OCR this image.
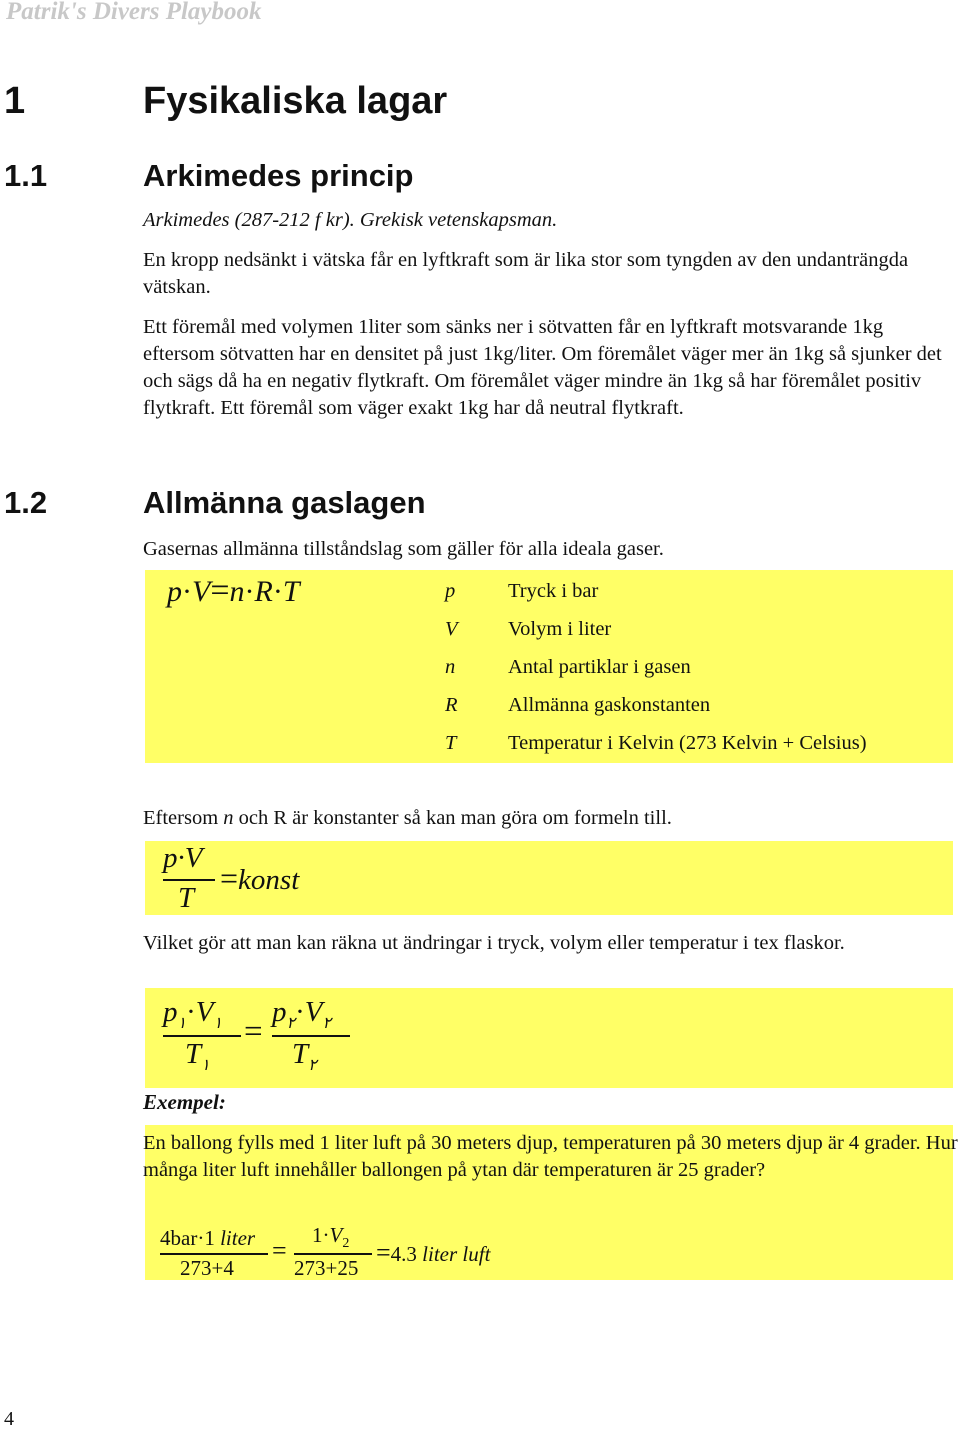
Patrik's Divers Playbook
1	Fysikaliska lagar
1.1	Arkimedes princip

Arkimedes (287-212 f kr). Grekisk vetenskapsman.

En kropp nedsänkt i vätska får en lyftkraft som är lika stor som tyngden av den undanträngda vätskan.

Ett föremål med volymen 1liter som sänks ner i sötvatten får en lyftkraft motsvarande 1kg eftersom sötvatten har en densitet på just 1kg/liter. Om föremålet väger mer än 1kg så sjunker det och sägs då ha en negativ flytkraft. Om föremålet väger mindre än 1kg så har föremålet positiv flytkraft. Ett föremål som väger exakt 1kg har då neutral flytkraft.

1.2	Allmänna gaslagen

Gasernas allmänna tillståndslag som gäller för alla ideala gaser.

p·V=n·R·T	p	Tryck i bar
V Volym i liter
n	Antal partiklar i gasen
R Allmänna gaskonstanten
T	Temperatur i Kelvin (273 Kelvin + Celsius)

Eftersom n och R är konstanter så kan man göra om formeln till.

p·V
T
=konst

Vilket gör att man kan räkna ut ändringar i tryck, volym eller temperatur i tex flaskor.

$p_١\cdot V_١$
$T_١$
=
$p_٢\cdot V_٢$
$T_٢$
Exempel:

En ballong fylls med 1 liter luft på 30 meters djup, temperaturen på 30 meters djup är 4 grader. Hur många liter luft innehåller ballongen på ytan där temperaturen är 25 grader?

4bar·1 liter
273+4
=
$1\cdot V_2$
273+25
=4.3 liter luft
4
